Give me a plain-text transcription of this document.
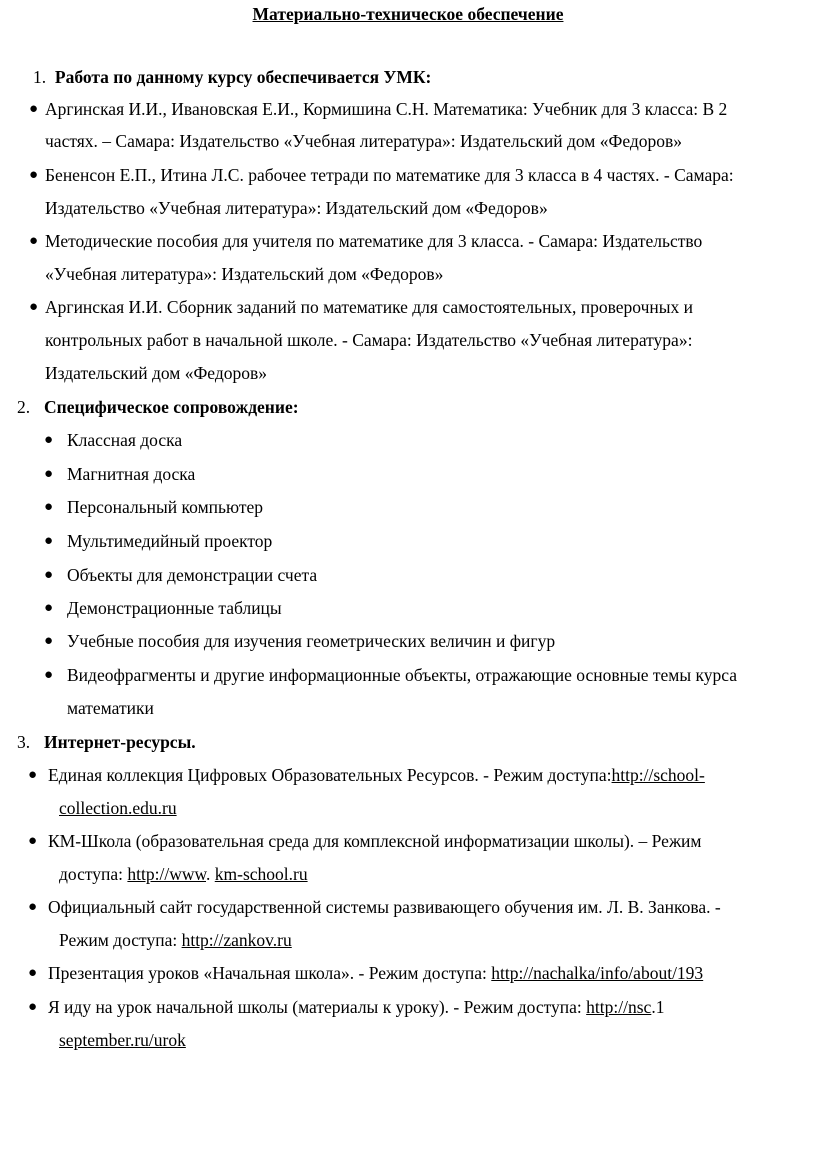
Материально-техническое обеспечение
1. Работа по данному курсу обеспечивается УМК:
● Аргинская И.И., Ивановская Е.И., Кормишина С.Н. Математика: Учебник для 3 класса: В 2
частях. – Самара: Издательство «Учебная литература»: Издательский дом «Федоров»
● Бененсон Е.П., Итина Л.С. рабочее тетради по математике для 3 класса в 4 частях. - Самара:
Издательство «Учебная литература»: Издательский дом «Федоров»
● Методические пособия для учителя по математике для 3 класса. - Самара: Издательство
«Учебная литература»: Издательский дом «Федоров»
● Аргинская И.И. Сборник заданий по математике для самостоятельных, проверочных и
контрольных работ в начальной школе. - Самара: Издательство «Учебная литература»:
Издательский дом «Федоров»
2. Специфическое сопровождение:
● Классная доска
● Магнитная доска
● Персональный компьютер
● Мультимедийный проектор
● Объекты для демонстрации счета
● Демонстрационные таблицы
● Учебные пособия для изучения геометрических величин и фигур
● Видеофрагменты и другие информационные объекты, отражающие основные темы курса
математики
3. Интернет-ресурсы.
● Единая коллекция Цифровых Образовательных Ресурсов. - Режим доступа:http://school-
collection.edu.ru
● КМ-Школа (образовательная среда для комплексной информатизации школы). – Режим
доступа: http://www. km-school.ru
● Официальный сайт государственной системы развивающего обучения им. Л. В. Занкова. -
Режим доступа: http://zankov.ru
● Презентация уроков «Начальная школа». - Режим доступа: http://nachalka/info/about/193
● Я иду на урок начальной школы (материалы к уроку). - Режим доступа: http://nsc.1
september.ru/urok
